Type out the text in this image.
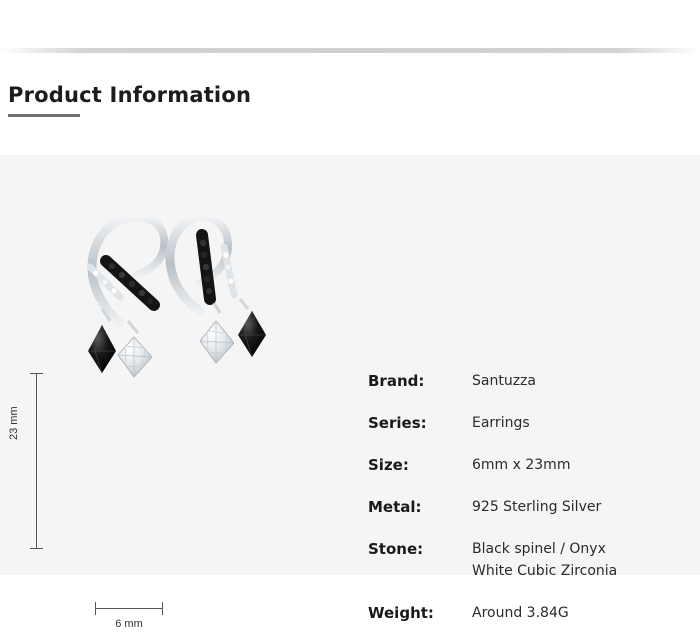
Product Information
23 mm
6 mm
Brand:	Santuzza
Series:	Earrings
Size:	6mm x 23mm
Metal:	925 Sterling Silver
Stone:	Black spinel / Onyx
White Cubic Zirconia
Weight:	Around 3.84G
